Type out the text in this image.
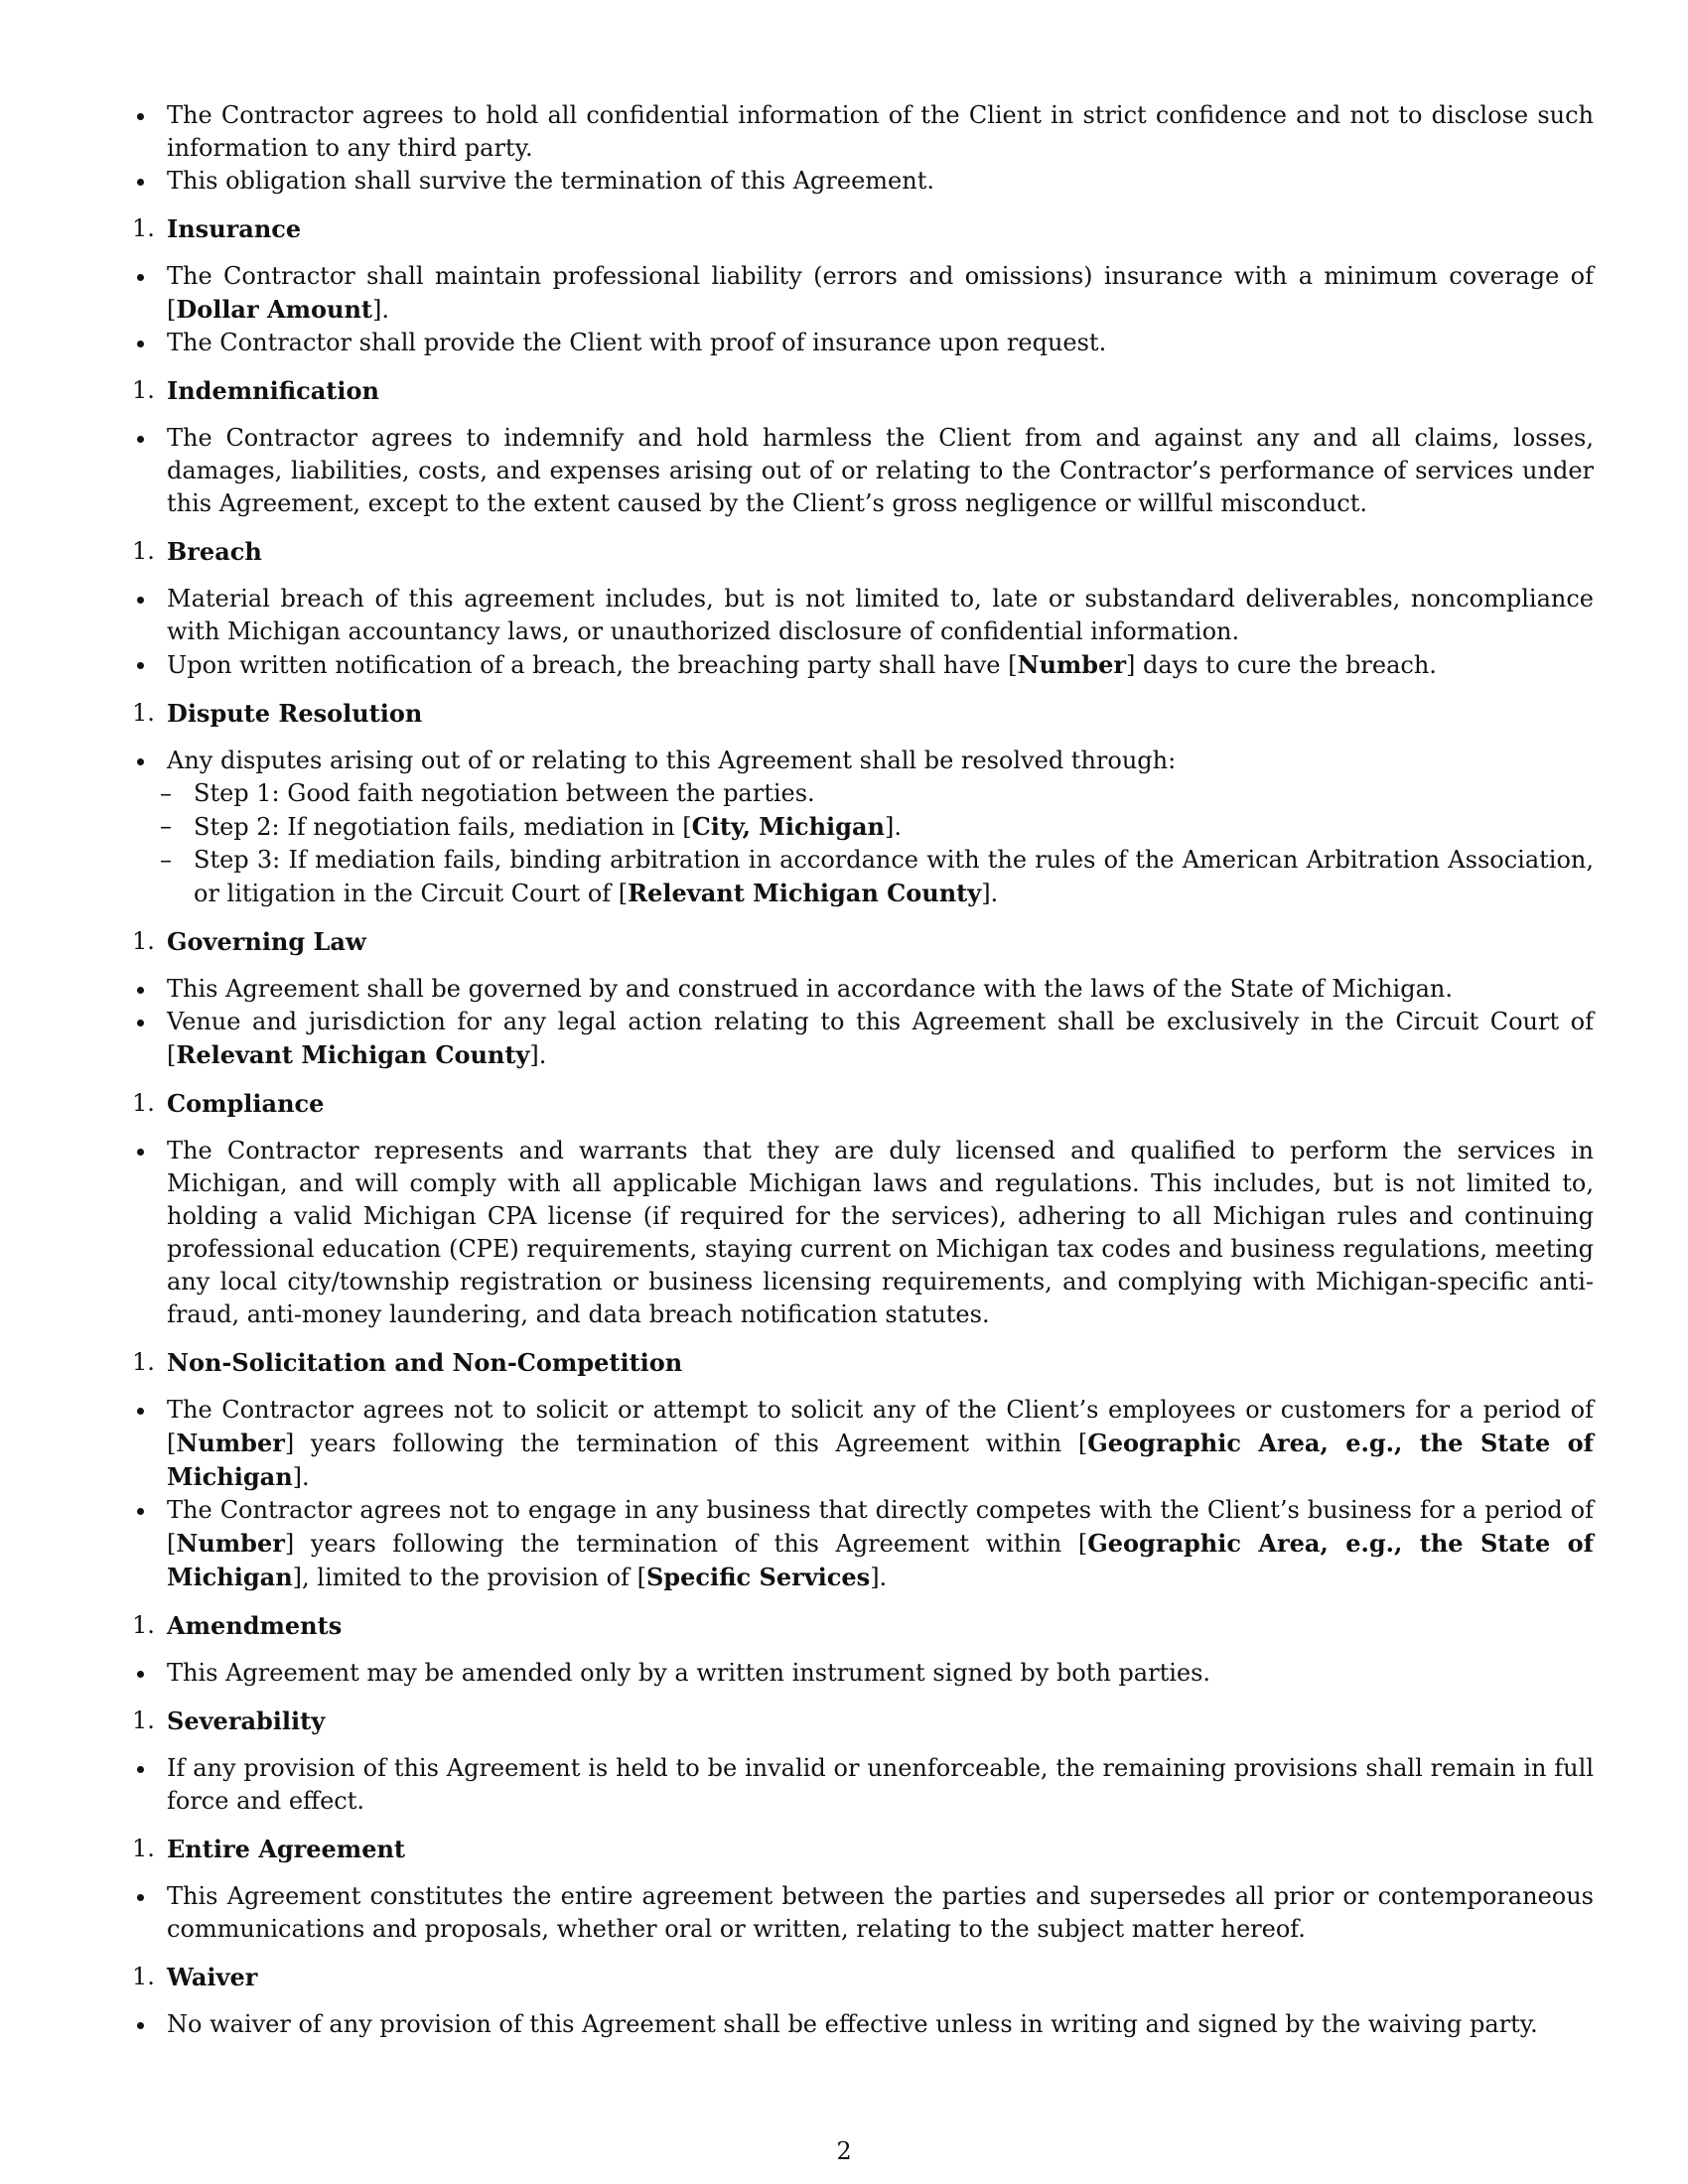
The Contractor agrees to hold all confidential information of the Client in strict confidence and not to disclose such information to any third party.
This obligation shall survive the termination of this Agreement.
1. Insurance
The Contractor shall maintain professional liability (errors and omissions) insurance with a minimum coverage of [Dollar Amount].
The Contractor shall provide the Client with proof of insurance upon request.
1. Indemnification
The Contractor agrees to indemnify and hold harmless the Client from and against any and all claims, losses, damages, liabilities, costs, and expenses arising out of or relating to the Contractor’s performance of services under this Agreement, except to the extent caused by the Client’s gross negligence or willful misconduct.
1. Breach
Material breach of this agreement includes, but is not limited to, late or substandard deliverables, noncompliance with Michigan accountancy laws, or unauthorized disclosure of confidential information.
Upon written notification of a breach, the breaching party shall have [Number] days to cure the breach.
1. Dispute Resolution
Any disputes arising out of or relating to this Agreement shall be resolved through:
– Step 1: Good faith negotiation between the parties.
– Step 2: If negotiation fails, mediation in [City, Michigan].
– Step 3: If mediation fails, binding arbitration in accordance with the rules of the American Arbitration Association, or litigation in the Circuit Court of [Relevant Michigan County].
1. Governing Law
This Agreement shall be governed by and construed in accordance with the laws of the State of Michigan.
Venue and jurisdiction for any legal action relating to this Agreement shall be exclusively in the Circuit Court of [Relevant Michigan County].
1. Compliance
The Contractor represents and warrants that they are duly licensed and qualified to perform the services in Michigan, and will comply with all applicable Michigan laws and regulations. This includes, but is not limited to, holding a valid Michigan CPA license (if required for the services), adhering to all Michigan rules and continuing professional education (CPE) requirements, staying current on Michigan tax codes and business regulations, meeting any local city/township registration or business licensing requirements, and complying with Michigan-specific anti-fraud, anti-money laundering, and data breach notification statutes.
1. Non-Solicitation and Non-Competition
The Contractor agrees not to solicit or attempt to solicit any of the Client’s employees or customers for a period of [Number] years following the termination of this Agreement within [Geographic Area, e.g., the State of Michigan].
The Contractor agrees not to engage in any business that directly competes with the Client’s business for a period of [Number] years following the termination of this Agreement within [Geographic Area, e.g., the State of Michigan], limited to the provision of [Specific Services].
1. Amendments
This Agreement may be amended only by a written instrument signed by both parties.
1. Severability
If any provision of this Agreement is held to be invalid or unenforceable, the remaining provisions shall remain in full force and effect.
1. Entire Agreement
This Agreement constitutes the entire agreement between the parties and supersedes all prior or contemporaneous communications and proposals, whether oral or written, relating to the subject matter hereof.
1. Waiver
No waiver of any provision of this Agreement shall be effective unless in writing and signed by the waiving party.
2
